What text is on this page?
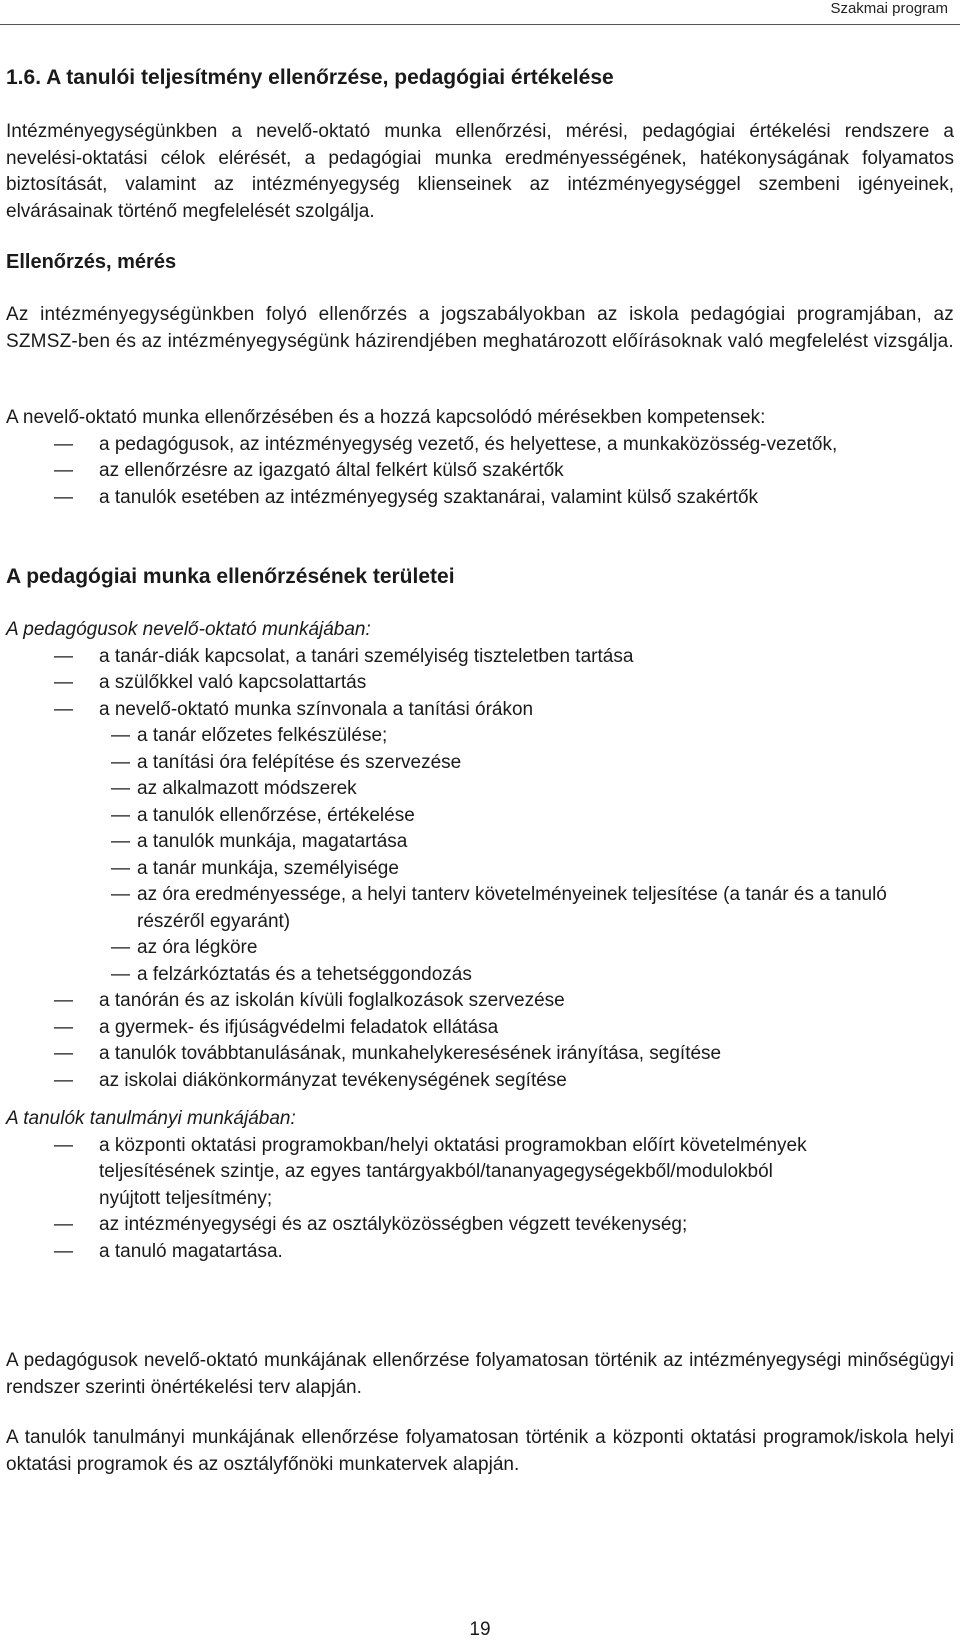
Szakmai program
1.6. A tanulói teljesítmény ellenőrzése, pedagógiai értékelése

Intézményegységünkben a nevelő-oktató munka ellenőrzési, mérési, pedagógiai értékelési rendszere a nevelési-oktatási célok elérését, a pedagógiai munka eredményességének, hatékonyságának folyamatos biztosítását, valamint az intézményegység klienseinek az intézményegységgel szembeni igényeinek, elvárásainak történő megfelelését szolgálja.

Ellenőrzés, mérés

Az intézményegységünkben folyó ellenőrzés a jogszabályokban az iskola pedagógiai programjában, az SZMSZ-ben és az intézményegységünk házirendjében meghatározott előírásoknak való megfelelést vizsgálja.

A nevelő-oktató munka ellenőrzésében és a hozzá kapcsolódó mérésekben kompetensek:

— a pedagógusok, az intézményegység vezető, és helyettese, a munkaközösség-vezetők,
— az ellenőrzésre az igazgató által felkért külső szakértők
— a tanulók esetében az intézményegység szaktanárai, valamint külső szakértők
A pedagógiai munka ellenőrzésének területei

A pedagógusok nevelő-oktató munkájában:

— a tanár-diák kapcsolat, a tanári személyiség tiszteletben tartása
— a szülőkkel való kapcsolattartás
— a nevelő-oktató munka színvonala a tanítási órákon
— a tanár előzetes felkészülése;
— a tanítási óra felépítése és szervezése
— az alkalmazott módszerek
— a tanulók ellenőrzése, értékelése
— a tanulók munkája, magatartása
— a tanár munkája, személyisége
— az óra eredményessége, a helyi tanterv követelményeinek teljesítése (a tanár és a tanuló részéről egyaránt)
— az óra légköre
— a felzárkóztatás és a tehetséggondozás
— a tanórán és az iskolán kívüli foglalkozások szervezése
— a gyermek- és ifjúságvédelmi feladatok ellátása
— a tanulók továbbtanulásának, munkahelykeresésének irányítása, segítése
— az iskolai diákönkormányzat tevékenységének segítése

A tanulók tanulmányi munkájában:

— a központi oktatási programokban/helyi oktatási programokban előírt követelmények teljesítésének szintje, az egyes tantárgyakból/tananyagegységekből/modulokból nyújtott teljesítmény;
— az intézményegységi és az osztályközösségben végzett tevékenység;
— a tanuló magatartása.

A pedagógusok nevelő-oktató munkájának ellenőrzése folyamatosan történik az intézményegységi minőségügyi rendszer szerinti önértékelési terv alapján.

A tanulók tanulmányi munkájának ellenőrzése folyamatosan történik a központi oktatási programok/iskola helyi oktatási programok és az osztályfőnöki munkatervek alapján.

19
